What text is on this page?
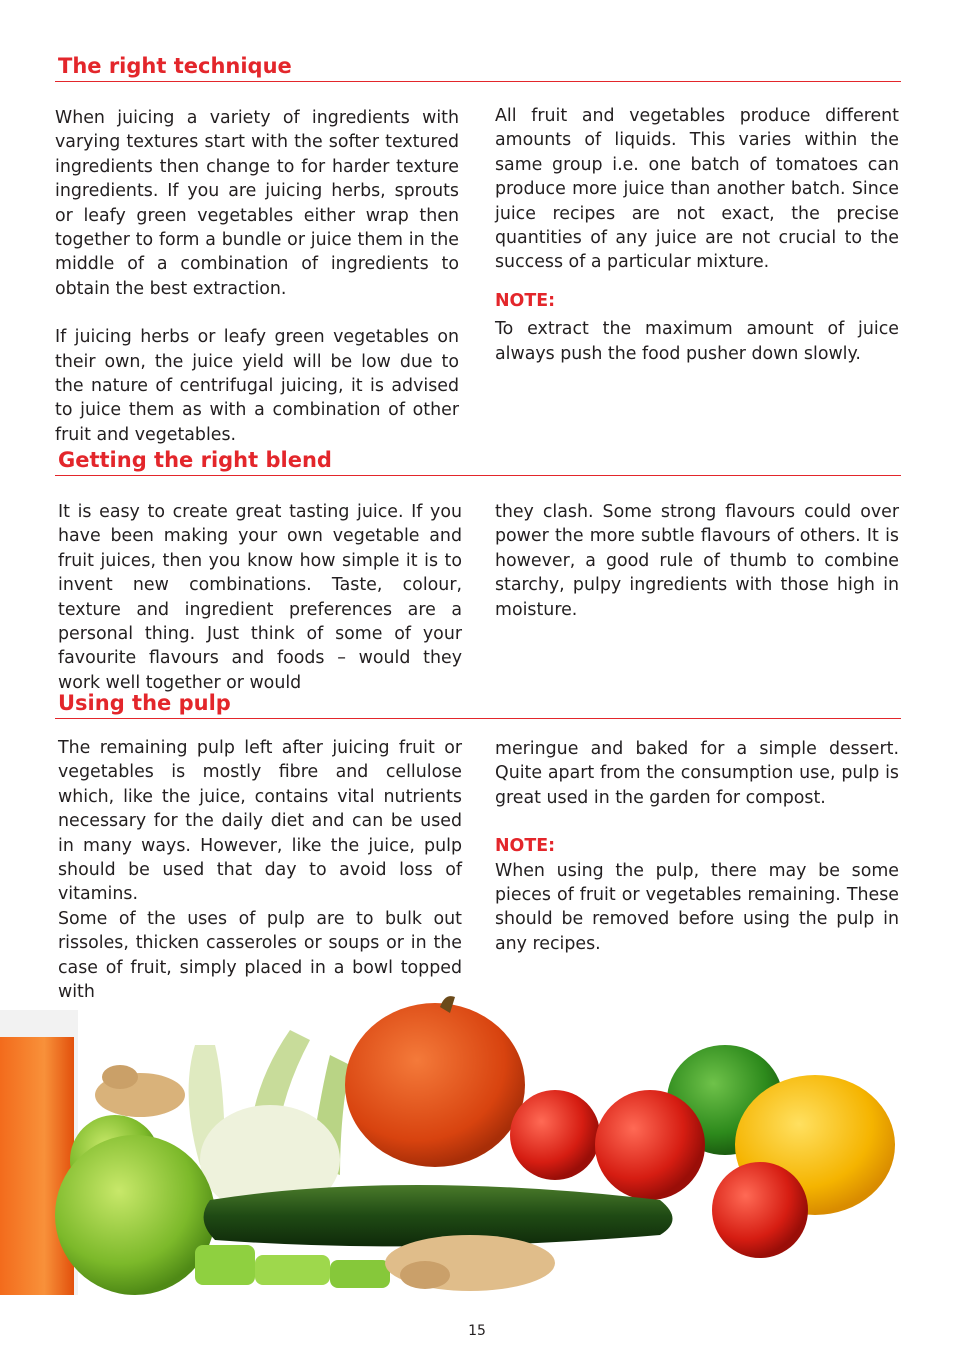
The right technique

When juicing a variety of ingredients with varying textures start with the softer textured ingredients then change to for harder texture ingredients. If you are juicing herbs, sprouts or leafy green vegetables either wrap then together to form a bundle or juice them in the middle of a combination of ingredients to obtain the best extraction.

If juicing herbs or leafy green vegetables on their own, the juice yield will be low due to the nature of centrifugal juicing, it is advised to juice them as with a combination of other fruit and vegetables.

All fruit and vegetables produce different amounts of liquids. This varies within the same group i.e. one batch of tomatoes can produce more juice than another batch. Since juice recipes are not exact, the precise quantities of any juice are not crucial to the success of a particular mixture.

NOTE:

To extract the maximum amount of juice always push the food pusher down slowly.

Getting the right blend

It is easy to create great tasting juice. If you have been making your own vegetable and fruit juices, then you know how simple it is to invent new combinations. Taste, colour, texture and ingredient preferences are a personal thing. Just think of some of your favourite flavours and foods – would they work well together or would

they clash. Some strong flavours could over power the more subtle flavours of others. It is however, a good rule of thumb to combine starchy, pulpy ingredients with those high in moisture.

Using the pulp

The remaining pulp left after juicing fruit or vegetables is mostly fibre and cellulose which, like the juice, contains vital nutrients necessary for the daily diet and can be used in many ways. However, like the juice, pulp should be used that day to avoid loss of vitamins.

Some of the uses of pulp are to bulk out rissoles, thicken casseroles or soups or in the case of fruit, simply placed in a bowl topped with

meringue and baked for a simple dessert. Quite apart from the consumption use, pulp is great used in the garden for compost.

NOTE:

When using the pulp, there may be some pieces of fruit or vegetables remaining. These should be removed before using the pulp in any recipes.

15
